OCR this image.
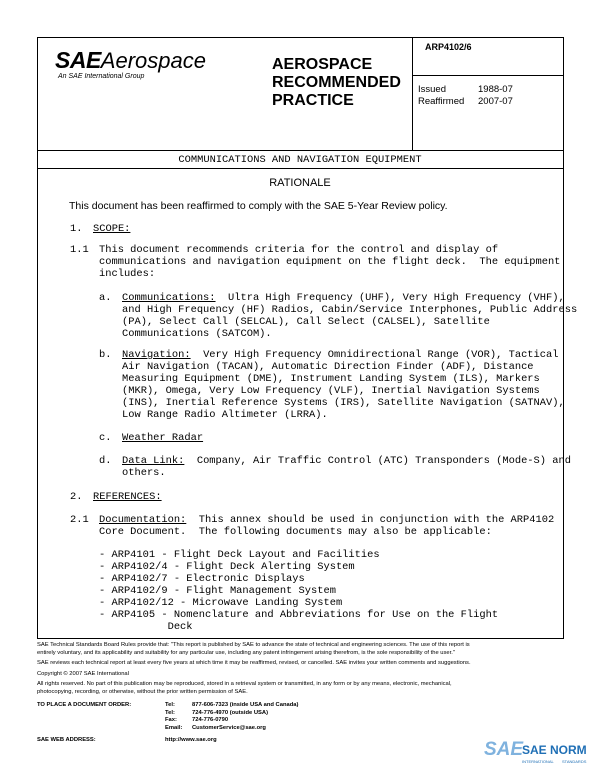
SAEAerospace
An SAE International Group
AEROSPACE
RECOMMENDED
PRACTICE
ARP4102/6
Issued	1988-07
Reaffirmed 2007-07
COMMUNICATIONS AND NAVIGATION EQUIPMENT
RATIONALE
This document has been reaffirmed to comply with the SAE 5-Year Review policy.
1. SCOPE:
1.1 This document recommends criteria for the control and display of
communications and navigation equipment on the flight deck.  The equipment
includes:
a. Communications:  Ultra High Frequency (UHF), Very High Frequency (VHF),
and High Frequency (HF) Radios, Cabin/Service Interphones, Public Address
(PA), Select Call (SELCAL), Call Select (CALSEL), Satellite
Communications (SATCOM).
b. Navigation:  Very High Frequency Omnidirectional Range (VOR), Tactical
Air Navigation (TACAN), Automatic Direction Finder (ADF), Distance
Measuring Equipment (DME), Instrument Landing System (ILS), Markers
(MKR), Omega, Very Low Frequency (VLF), Inertial Navigation Systems
(INS), Inertial Reference Systems (IRS), Satellite Navigation (SATNAV),
Low Range Radio Altimeter (LRRA).
c. Weather Radar
d. Data Link:  Company, Air Traffic Control (ATC) Transponders (Mode-S) and
others.
2. REFERENCES:
2.1 Documentation:  This annex should be used in conjunction with the ARP4102
Core Document.  The following documents may also be applicable:
- ARP4101 - Flight Deck Layout and Facilities
- ARP4102/4 - Flight Deck Alerting System
- ARP4102/7 - Electronic Displays
- ARP4102/9 - Flight Management System
- ARP4102/12 - Microwave Landing System
- ARP4105 - Nomenclature and Abbreviations for Use on the Flight
Deck
SAE Technical Standards Board Rules provide that: "This report is published by SAE to advance the state of technical and engineering sciences. The use of this report is
entirely voluntary, and its applicability and suitability for any particular use, including any patent infringement arising therefrom, is the sole responsibility of the user."
SAE reviews each technical report at least every five years at which time it may be reaffirmed, revised, or cancelled. SAE invites your written comments and suggestions.
Copyright © 2007 SAE International
All rights reserved. No part of this publication may be reproduced, stored in a retrieval system or transmitted, in any form or by any means, electronic, mechanical,
photocopying, recording, or otherwise, without the prior written permission of SAE.
TO PLACE A DOCUMENT ORDER:	Tel:	877-606-7323 (inside USA and Canada)
Tel:	724-776-4970 (outside USA)
Fax:	724-776-0790
Email: CustomerService@sae.org
SAE WEB ADDRESS:	http://www.sae.org	SAE
SAE NORM
INTERNATIONAL STANDARDS
